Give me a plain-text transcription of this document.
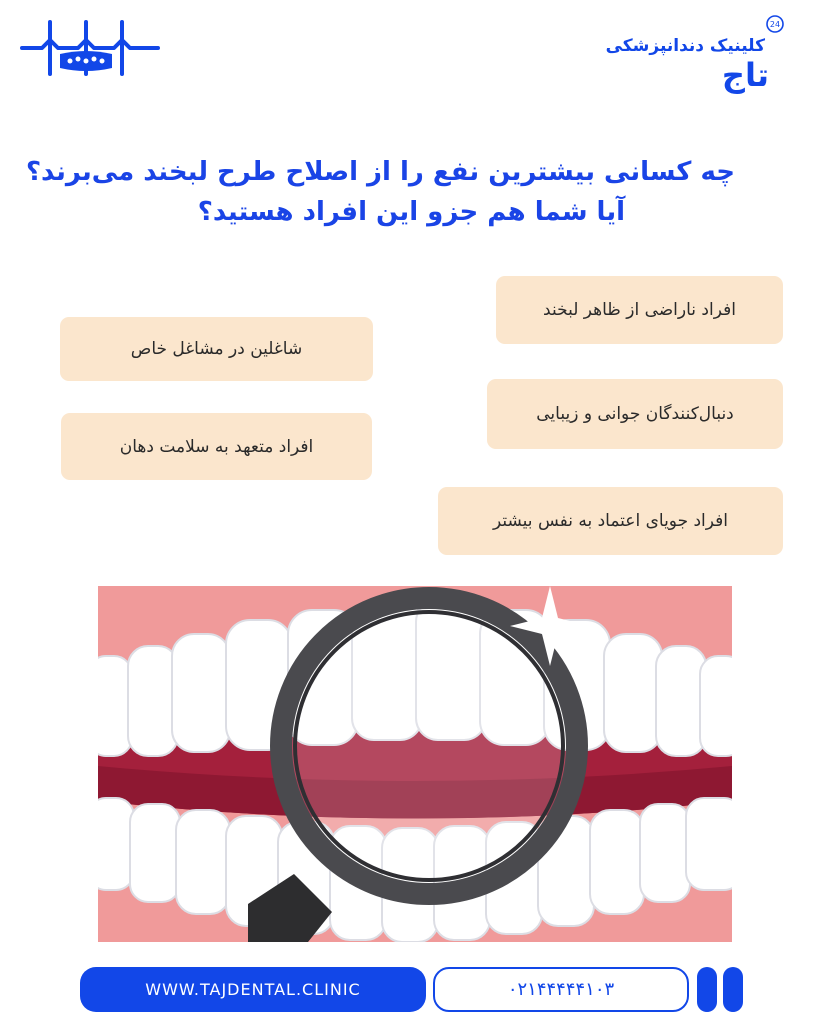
24
کلینیک دندانپزشکی
تاج
چه کسانی بیشترین نفع را از اصلاح طرح لبخند می‌برند؟
آیا شما هم جزو این افراد هستید؟
افراد ناراضی از ظاهر لبخند
شاغلین در مشاغل خاص
دنبال‌کنندگان جوانی و زیبایی
افراد متعهد به سلامت دهان
افراد جویای اعتماد به نفس بیشتر
WWW.TAJDENTAL.CLINIC	۰۲۱۴۴۴۴۴۱۰۳
